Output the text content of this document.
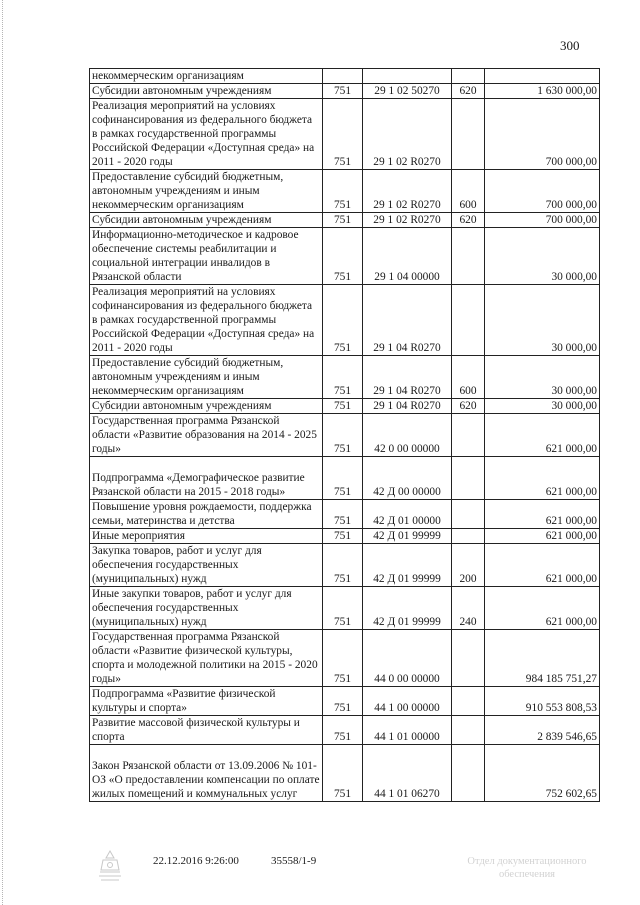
300
некоммерческим организациям				
Субсидии автономным учреждениям	751	29 1 02 50270	620	1 630 000,00
Реализация мероприятий на условиях софинансирования из федерального бюджета в рамках государственной программы Российской Федерации «Доступная среда» на 2011 - 2020 годы	751	29 1 02 R0270		700 000,00
Предоставление субсидий бюджетным, автономным учреждениям и иным некоммерческим организациям	751	29 1 02 R0270	600	700 000,00
Субсидии автономным учреждениям	751	29 1 02 R0270	620	700 000,00
Информационно-методическое и кадровое обеспечение системы реабилитации и социальной интеграции инвалидов в Рязанской области	751	29 1 04 00000		30 000,00
Реализация мероприятий на условиях софинансирования из федерального бюджета в рамках государственной программы Российской Федерации «Доступная среда» на 2011 - 2020 годы	751	29 1 04 R0270		30 000,00
Предоставление субсидий бюджетным, автономным учреждениям и иным некоммерческим организациям	751	29 1 04 R0270	600	30 000,00
Субсидии автономным учреждениям	751	29 1 04 R0270	620	30 000,00
Государственная программа Рязанской области «Развитие образования на 2014 - 2025 годы»	751	42 0 00 00000		621 000,00
Подпрограмма «Демографическое развитие Рязанской области на 2015 - 2018 годы»	751	42 Д 00 00000		621 000,00
Повышение уровня рождаемости, поддержка семьи, материнства и детства	751	42 Д 01 00000		621 000,00
Иные мероприятия	751	42 Д 01 99999		621 000,00
Закупка товаров, работ и услуг для обеспечения государственных (муниципальных) нужд	751	42 Д 01 99999	200	621 000,00
Иные закупки товаров, работ и услуг для обеспечения государственных (муниципальных) нужд	751	42 Д 01 99999	240	621 000,00
Государственная программа Рязанской области «Развитие физической культуры, спорта и молодежной политики на 2015 - 2020 годы»	751	44 0 00 00000		984 185 751,27
Подпрограмма «Развитие физической культуры и спорта»	751	44 1 00 00000		910 553 808,53
Развитие массовой физической культуры и спорта	751	44 1 01 00000		2 839 546,65
Закон Рязанской области от 13.09.2006 № 101-ОЗ «О предоставлении компенсации по оплате жилых помещений и коммунальных услуг	751	44 1 01 06270		752 602,65
22.12.2016 9:26:00	35558/1-9	Отдел документационного
обеспечения
